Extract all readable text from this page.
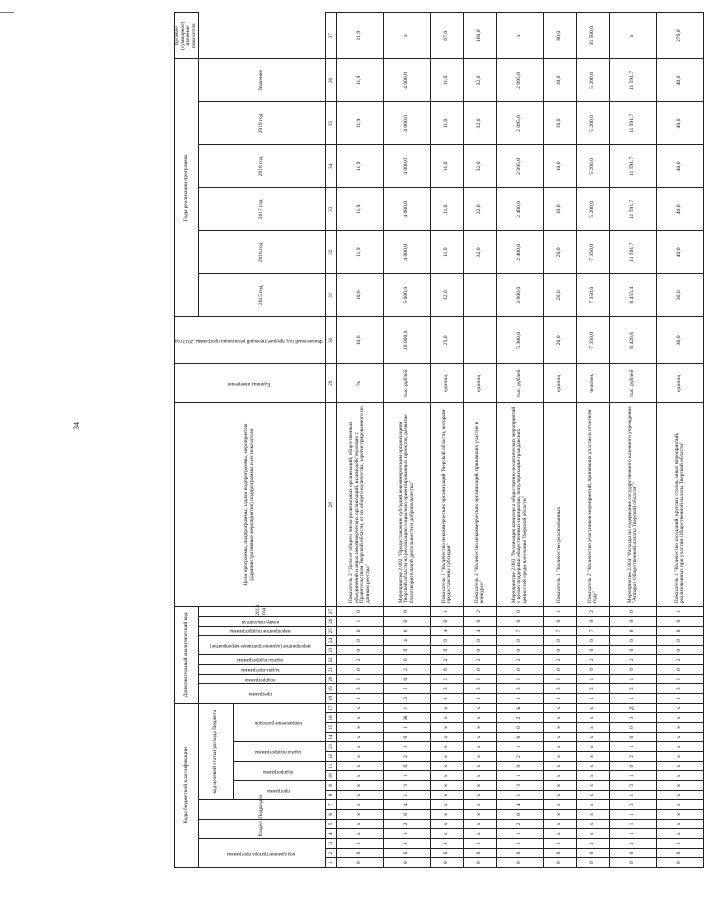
34
Коды бюджетной классификации																	Дополнительный аналитический код										Цели программы, подпрограммы, задачи подпрограммы, мероприятия (административные мероприятия) подпрограммы и их показатели	Единица измерения	Финансовый год, предшествующий реализации программы, 2013 год	Годы реализации программы						Целевое (суммарное) значение показателя
код администратора программы			Раздел		Подраздел		код целевой статьи расхода бюджета										программа		подпрограмма	задача программы	задача подпрограммы	мероприятие (административное мероприятие)		мероприятие подпрограммы	номер показателя	2014 год				2015 год	2016 год	2017 год	2018 год	2019 год	Значение	
							программа		подпрограмма		задача подпрограммы		направление расходов																							
1	2	3	4	5	6	7	8	9	10	11	12	13	14	15	16	17	18	19	20	21	22	23	24	25	26	27	28	29	30	31	32	33	34	35	36	37
0	0	1	x	x	x	x	x	x	x	x	x	x	x	x	x	x	1	3	1	0	2	0	0	0	1	0	Показатель 2 "Доля от общего числа религиозных организаций, общественных объединений и иных некоммерческих организаций, взаимодействующих с Правительством Тверской области, от их общего количества, зарегистрированного по данным реестра"	%	10,6	10,6	11,9	11,9	11,9	11,9	11,9	11,9
0	0	1	1	2	0	4	1	3	1	0	2	1	0	1	Ж	1	3	1	0	2	0	0	4	0	0	0	Мероприятие 2.002 "Предоставление субсидий некоммерческим организациям Тверской области на реализацию социально ориентированных проектов, развитие благотворительной деятельности и добровольчества"	тыс. рублей	10 000,0	5 000,0	4 000,0	4 000,0	4 000,0	4 000,0	4 000,0	x
0	0	1	x	x	x	x	x	x	x	x	x	x	x	x	x	x	1	3	1	0	2	0	0	4	0	1	Показатель 1 "Количество некоммерческих организаций Тверской области, которым предоставлены субсидии"	единиц	25,0	12,0	11,0	11,0	11,0	11,0	11,0	67,0
0	0	1	x	x	x	x	x	x	x	x	x	x	x	x	x	x	1	3	1	0	2	0	0	4	0	2	Показатель 2 "Количество некоммерческих организаций, принявших участие в конкурсе"	единиц			32,0	32,0	32,0	32,0	32,0	160,0
0	0	1	1	2	0	4	1	3	1	0	2	1	0	0	2	Б	1	3	1	0	2	0	0	7	0	0	Мероприятие 2.003 "Реализация комплекса общественно-политических мероприятий с целью поддержки общественных инициатив, популяризации гражданских ценностей среди населения Тверской области"	тыс. рублей	5 300,0	3 000,0	2 400,0	2 400,0	2 095,0	2 095,0	2 095,0	x
0	0	1	x	x	x	x	x	x	x	x	x	x	x	x	x	x	1	3	1	0	2	0	0	7	0	1	Показатель 1 "Количество реализованных	единиц	20,0	20,0	20,0	10,0	10,0	10,0	10,0	80,0
0	0	1	x	x	x	x	x	x	x	x	x	x	x	x	x	x	1	3	1	0	2	0	0	7	0	2	Показатель 2 "Количество участников мероприятий, принявших участие в отчетном году"	человек	7 350,0	7 350,0	7 350,0	5 200,0	5 200,0	5 200,0	5 200,0	35 500,0
0	0	1	1	1	1	3	1	3	1	0	2	1	0	0	3	Д	1	3	1	0	2	0	0	8	0	0	Мероприятие 2.004 "Расходы на содержание государственного казенного учреждения "Аппарат Общественной палаты Тверской области""	тыс. рублей	8 426,6	8 455,4	11 591,7	11 591,7	11 591,7	11 591,7	11 591,7	x
0	0	1	x	x	x	x	x	x	x	x	x	x	x	x	x	x	1	3	1	0	2	0	0	8	0	1	Показатель 1 "Количество заседаний, круглых столов, иных мероприятий, реализованных при участии Общественной палаты Тверской области"	единиц	30,0	30,0	40,0	40,0	40,0	40,0	40,0	270,0
